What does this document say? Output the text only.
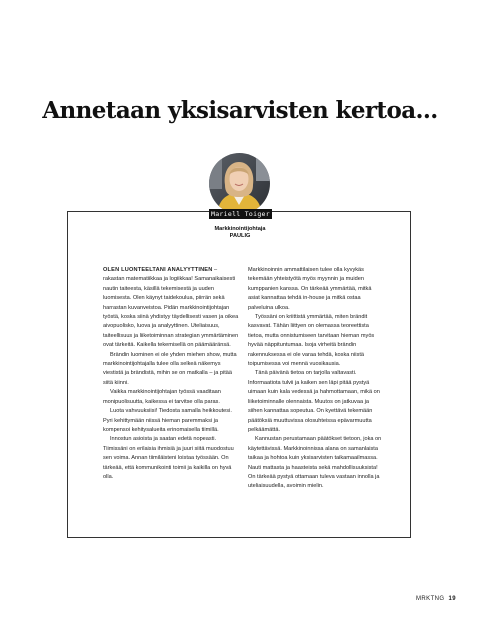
Annetaan yksisarvisten kertoa...
Mariell Toiger
Markkinointijohtaja
PAULIG

OLEN LUONTEELTANI ANALYYTTINEN – rakastan matematiikkaa ja logiikkaa! Samanaikaisesti nautin taiteesta, käsillä tekemisestä ja uuden luomisesta. Olen käynyt taidekoulua, piirrän sekä harrastan kuvanveistoa. Pidän markkinointijohtajan työstä, koska siinä yhdistyy täydellisesti vasen ja oikea aivopuolisko, luova ja analyyttinen. Uteliaisuus, taiteellisuus ja liiketoiminnan strategian ymmärtäminen ovat tärkeitä. Kaikella tekemisellä on päämääränsä.

Brändin luominen ei ole yhden miehen show, mutta markkinointijohtajalla tulee olla selkeä näkemys viestistä ja brändistä, mihin se on matkalla – ja pitää siitä kiinni.

Vaikka markkinointijohtajan työssä vaaditaan monipuolisuutta, kaikessa ei tarvitse olla paras.

Luota vahvuuksiisi! Tiedosta samalla heikkoutesi. Pyri kehittymään niissä hieman paremmaksi ja kompensoi kehitysalueita erinomaisella tiimillä.

Innostun asioista ja saatan edetä nopeasti. Tiimissäni on erilaisia ihmisiä ja juuri siitä muodostuu sen voima. Annan tiimiläisteni loistaa työssään. On tärkeää, että kommunikointi toimii ja kaikilla on hyvä olla.

Markkinoinnin ammattilaisen tulee olla kyvykäs tekemään yhteistyötä myös myynnin ja muiden kumppanien kanssa. On tärkeää ymmärtää, mitkä asiat kannattaa tehdä in-house ja mitkä ostaa palveluina ulkoa.

Työssäni on kriittistä ymmärtää, miten brändit kasvavat. Tähän liittyen on olemassa teoreettista tietoa, mutta onnistumiseen tarvitaan hieman myös hyvää näppituntumaa. Isoja virheitä brändin rakennuksessa ei ole varaa tehdä, koska niistä toipumisessa voi mennä vuosikausia.

Tänä päivänä tietoa on tarjolla valtavasti. Informaatiota tulvii ja kaiken sen läpi pitää pystyä uimaan kuin kala vedessä ja hahmottamaan, mikä on liiketoiminnalle olennaista. Muutos on jatkuvaa ja siihen kannattaa sopeutua. On kyettävä tekemään päätöksiä muuttuvissa olosuhteissa epävarmuutta pelkäämättä.

Kannustan perustamaan päätökset tietoon, joka on käytettävissä. Markkinoinnissa alana on samanlaista taikaa ja hohtoa kuin yksisarvisten taikamaailmassa. Nauti mattasta ja haasteista sekä mahdollisuuksista! On tärkeää pystyä ottamaan tuleva vastaan innolla ja uteliaisuudella, avoimin mielin.

MRKTNG 19
